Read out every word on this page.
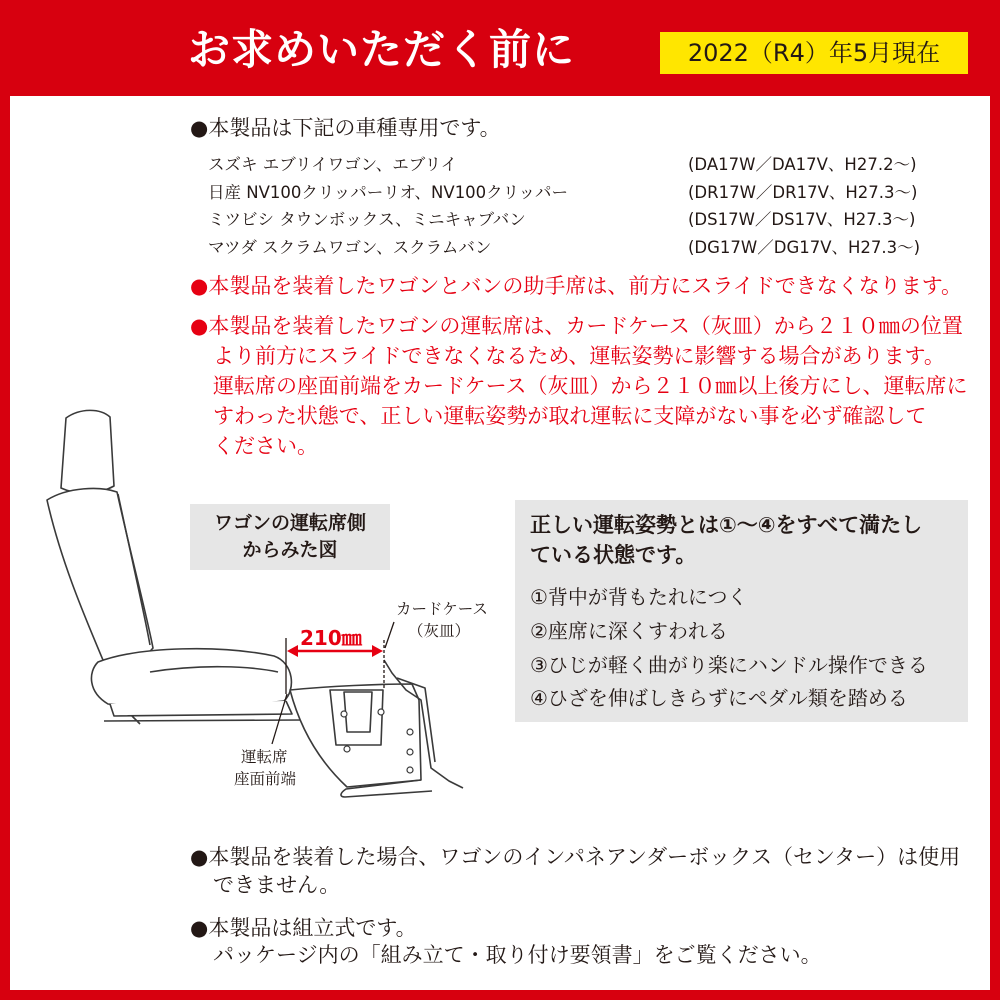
お求めいただく前に	2022（R4）年5月現在
●本製品は下記の車種専用です。
スズキ エブリイワゴン、エブリイ	(DA17W／DA17V、H27.2〜)
日産 NV100クリッパーリオ、NV100クリッパー	(DR17W／DR17V、H27.3〜)
ミツビシ タウンボックス、ミニキャブバン	(DS17W／DS17V、H27.3〜)
マツダ スクラムワゴン、スクラムバン	(DG17W／DG17V、H27.3〜)
●本製品を装着したワゴンとバンの助手席は、前方にスライドできなくなります。
●本製品を装着したワゴンの運転席は、カードケース（灰皿）から２１０㎜の位置
より前方にスライドできなくなるため、運転姿勢に影響する場合があります。
運転席の座面前端をカードケース（灰皿）から２１０㎜以上後方にし、運転席に
すわった状態で、正しい運転姿勢が取れ運転に支障がない事を必ず確認して
ください。
ワゴンの運転席側
からみた図
210㎜
カードケース
（灰皿）
運転席
座面前端
正しい運転姿勢とは①〜④をすべて満たし
ている状態です。
①背中が背もたれにつく
②座席に深くすわれる
③ひじが軽く曲がり楽にハンドル操作できる
④ひざを伸ばしきらずにペダル類を踏める
●本製品を装着した場合、ワゴンのインパネアンダーボックス（センター）は使用
できません。
●本製品は組立式です。
パッケージ内の「組み立て・取り付け要領書」をご覧ください。
